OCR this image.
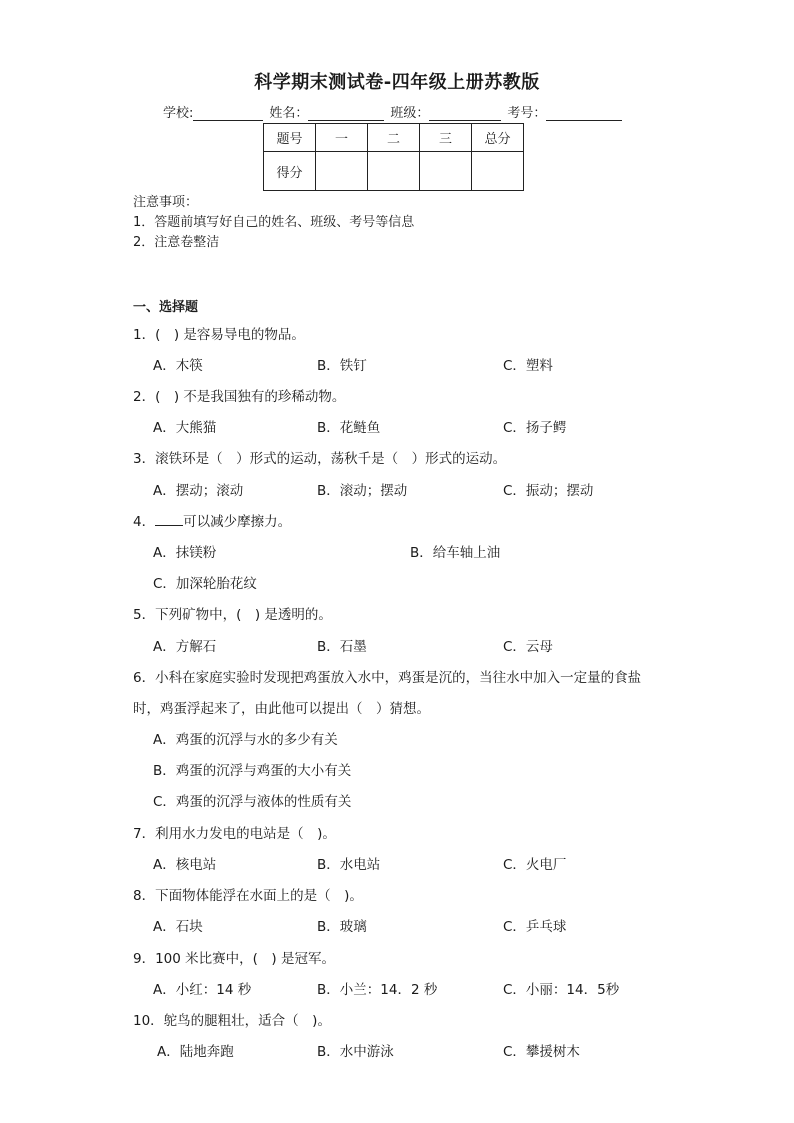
科学期末测试卷-四年级上册苏教版
学校:	姓名：	班级：	考号：
题号	一	二	三	总分
得分				
注意事项：
1．答题前填写好自己的姓名、班级、考号等信息
2．注意卷整洁
一、选择题
1．(　) 是容易导电的物品。
A．木筷	B．铁钉	C．塑料
2．(　) 不是我国独有的珍稀动物。
A．大熊猫	B．花鲢鱼	C．扬子鳄
3．滚铁环是（　）形式的运动，荡秋千是（　）形式的运动。
A．摆动；滚动	B．滚动；摆动	C．振动；摆动
4． 可以减少摩擦力。
A．抹镁粉	B．给车轴上油
C．加深轮胎花纹
5．下列矿物中，(　) 是透明的。
A．方解石	B．石墨	C．云母
6．小科在家庭实验时发现把鸡蛋放入水中，鸡蛋是沉的，当往水中加入一定量的食盐
时，鸡蛋浮起来了，由此他可以提出（　）猜想。
A．鸡蛋的沉浮与水的多少有关
B．鸡蛋的沉浮与鸡蛋的大小有关
C．鸡蛋的沉浮与液体的性质有关
7．利用水力发电的电站是（　)。
A．核电站	B．水电站	C．火电厂
8．下面物体能浮在水面上的是（　)。
A．石块	B．玻璃	C．乒乓球
9．100 米比赛中，(　) 是冠军。
A．小红：14 秒	B．小兰：14．2 秒	C．小丽：14．5秒
10．鸵鸟的腿粗壮，适合（　)。
A．陆地奔跑	B．水中游泳	C．攀援树木
